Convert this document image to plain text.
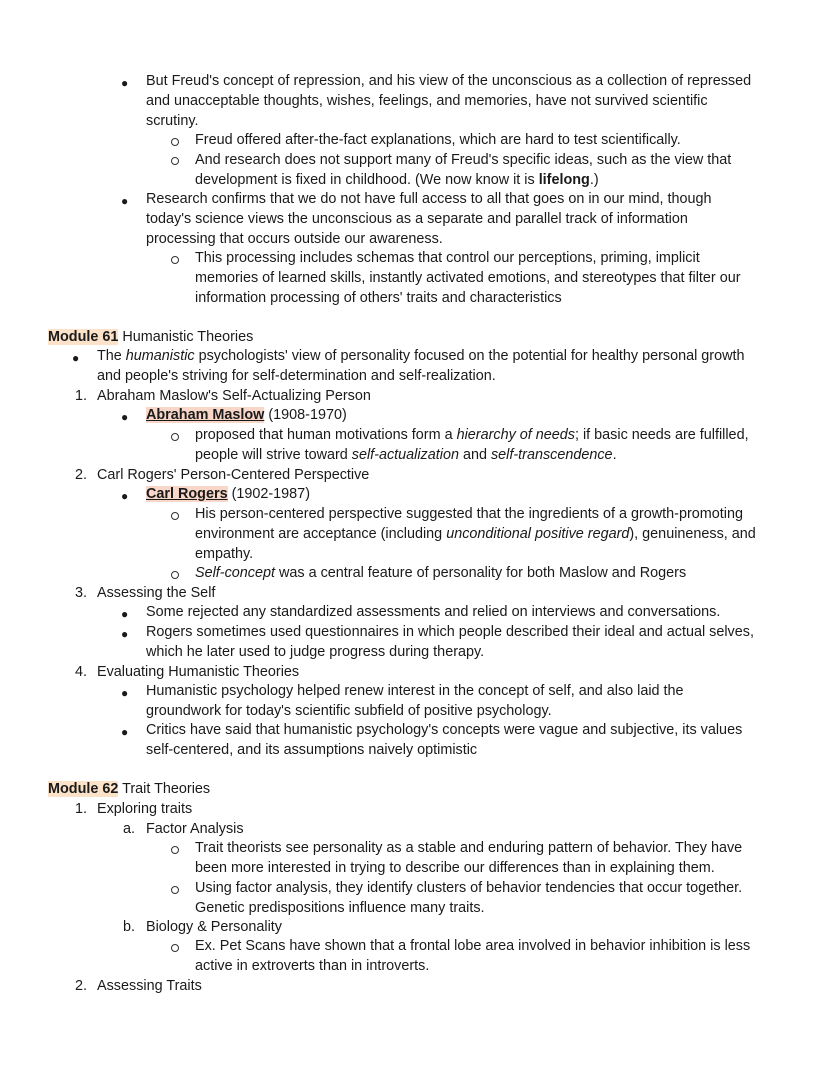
● But Freud's concept of repression, and his view of the unconscious as a collection of repressed
and unacceptable thoughts, wishes, feelings, and memories, have not survived scientific
scrutiny.
Freud offered after-the-fact explanations, which are hard to test scientifically.
And research does not support many of Freud's specific ideas, such as the view that
development is fixed in childhood. (We now know it is lifelong.)
● Research confirms that we do not have full access to all that goes on in our mind, though
today's science views the unconscious as a separate and parallel track of information
processing that occurs outside our awareness.
This processing includes schemas that control our perceptions, priming, implicit
memories of learned skills, instantly activated emotions, and stereotypes that filter our
information processing of others' traits and characteristics
Module 61 Humanistic Theories
● The humanistic psychologists' view of personality focused on the potential for healthy personal growth
and people's striving for self-determination and self-realization.
1. Abraham Maslow's Self-Actualizing Person
● Abraham Maslow (1908-1970)
proposed that human motivations form a hierarchy of needs; if basic needs are fulfilled,
people will strive toward self-actualization and self-transcendence.
2. Carl Rogers' Person-Centered Perspective
● Carl Rogers (1902-1987)
His person-centered perspective suggested that the ingredients of a growth-promoting
environment are acceptance (including unconditional positive regard), genuineness, and
empathy.
Self-concept was a central feature of personality for both Maslow and Rogers
3. Assessing the Self
● Some rejected any standardized assessments and relied on interviews and conversations.
● Rogers sometimes used questionnaires in which people described their ideal and actual selves,
which he later used to judge progress during therapy.
4. Evaluating Humanistic Theories
● Humanistic psychology helped renew interest in the concept of self, and also laid the
groundwork for today's scientific subfield of positive psychology.
● Critics have said that humanistic psychology's concepts were vague and subjective, its values
self-centered, and its assumptions naively optimistic
Module 62 Trait Theories
1. Exploring traits
a. Factor Analysis
Trait theorists see personality as a stable and enduring pattern of behavior. They have
been more interested in trying to describe our differences than in explaining them.
Using factor analysis, they identify clusters of behavior tendencies that occur together.
Genetic predispositions influence many traits.
b. Biology & Personality
Ex. Pet Scans have shown that a frontal lobe area involved in behavior inhibition is less
active in extroverts than in introverts.
2. Assessing Traits
